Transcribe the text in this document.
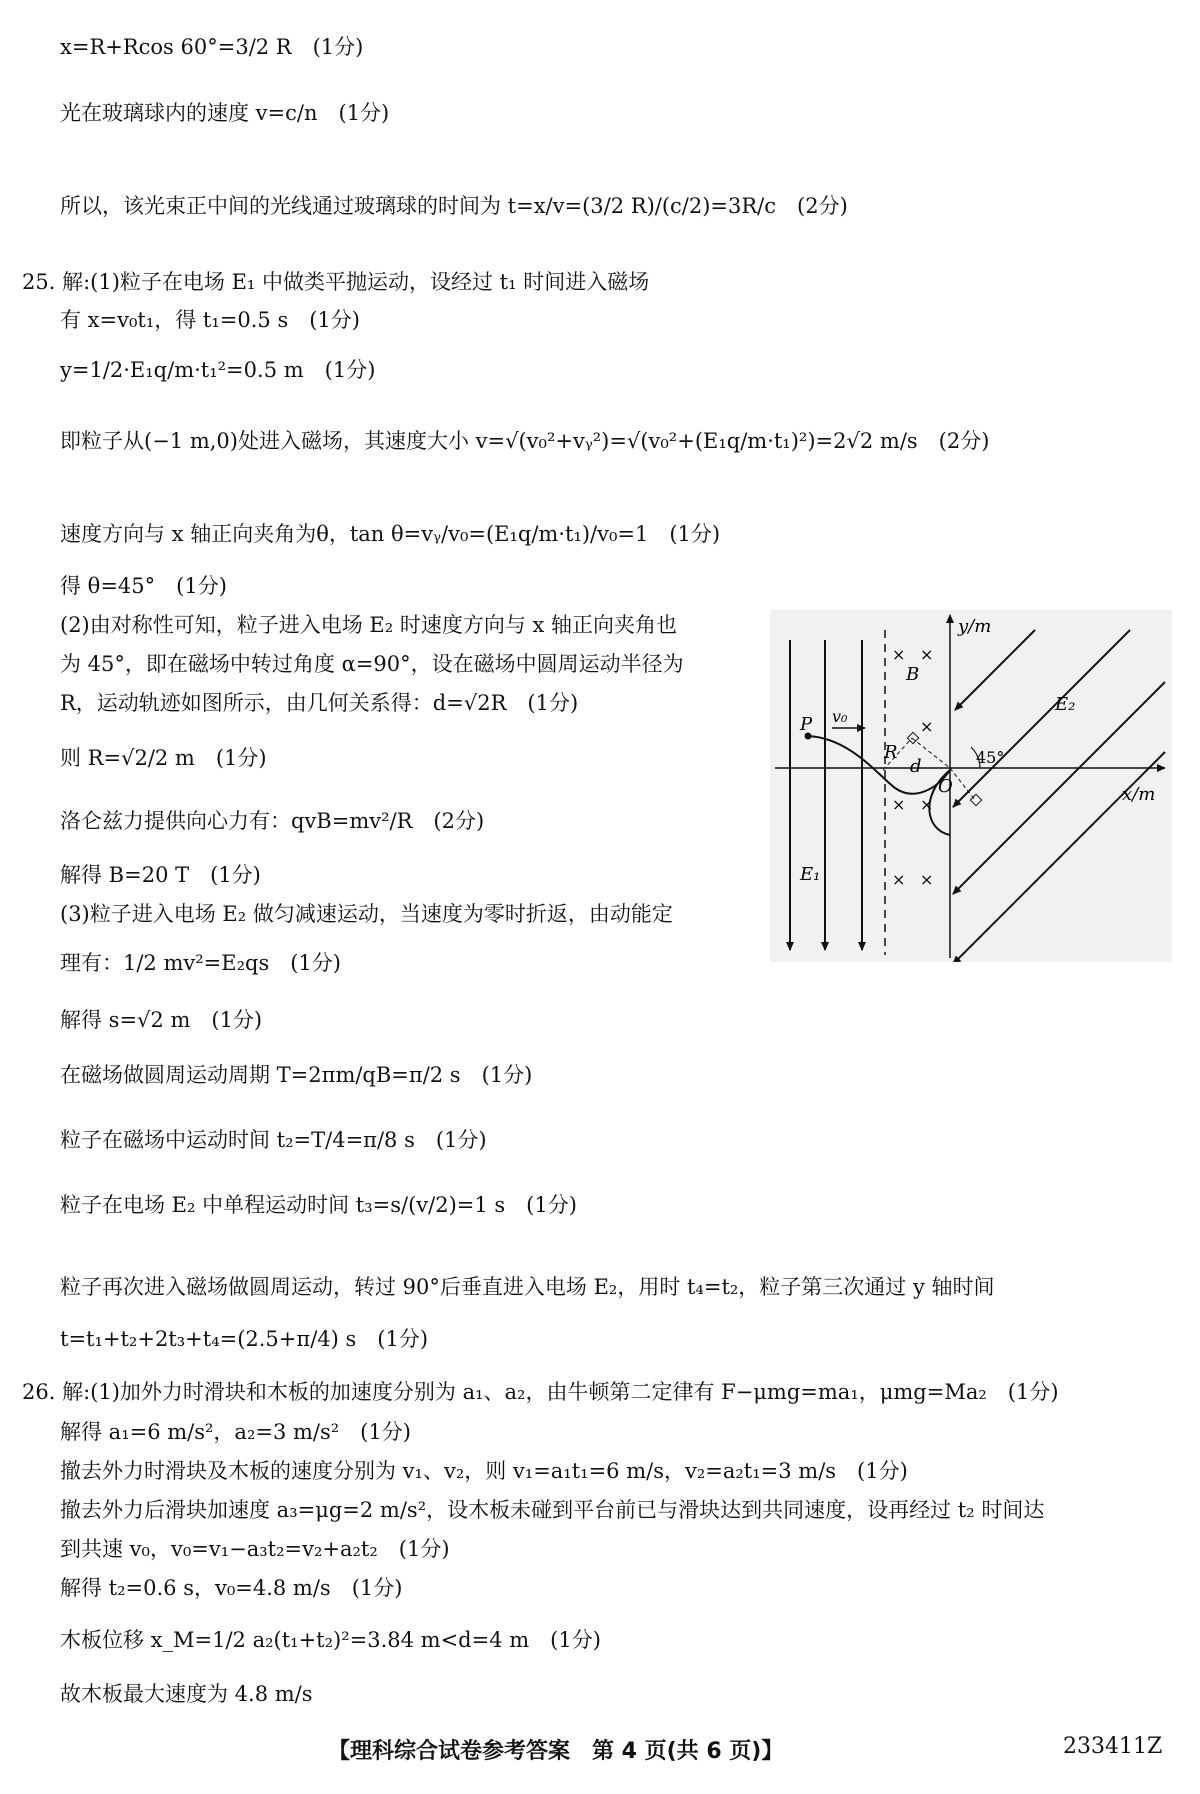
x=R+Rcos 60°=3/2 R　(1分)
光在玻璃球内的速度 v=c/n　(1分)
所以，该光束正中间的光线通过玻璃球的时间为 t=x/v=(3/2 R)/(c/2)=3R/c　(2分)
25. 解:(1)粒子在电场 E₁ 中做类平抛运动，设经过 t₁ 时间进入磁场
有 x=v₀t₁，得 t₁=0.5 s　(1分)
y=1/2·E₁q/m·t₁²=0.5 m　(1分)
即粒子从(−1 m,0)处进入磁场，其速度大小 v=√(v₀²+vᵧ²)=√(v₀²+(E₁q/m·t₁)²)=2√2 m/s　(2分)
速度方向与 x 轴正向夹角为θ，tan θ=vᵧ/v₀=(E₁q/m·t₁)/v₀=1　(1分)
得 θ=45°　(1分)
(2)由对称性可知，粒子进入电场 E₂ 时速度方向与 x 轴正向夹角也
为 45°，即在磁场中转过角度 α=90°，设在磁场中圆周运动半径为
R，运动轨迹如图所示，由几何关系得：d=√2R　(1分)
则 R=√2/2 m　(1分)
洛仑兹力提供向心力有：qvB=mv²/R　(2分)
解得 B=20 T　(1分)
(3)粒子进入电场 E₂ 做匀减速运动，当速度为零时折返，由动能定
理有：1/2 mv²=E₂qs　(1分)
解得 s=√2 m　(1分)
在磁场做圆周运动周期 T=2πm/qB=π/2 s　(1分)
粒子在磁场中运动时间 t₂=T/4=π/8 s　(1分)
粒子在电场 E₂ 中单程运动时间 t₃=s/(v/2)=1 s　(1分)
粒子再次进入磁场做圆周运动，转过 90°后垂直进入电场 E₂，用时 t₄=t₂，粒子第三次通过 y 轴时间
t=t₁+t₂+2t₃+t₄=(2.5+π/4) s　(1分)
26. 解:(1)加外力时滑块和木板的加速度分别为 a₁、a₂，由牛顿第二定律有 F−μmg=ma₁，μmg=Ma₂　(1分)
解得 a₁=6 m/s²，a₂=3 m/s²　(1分)
撤去外力时滑块及木板的速度分别为 v₁、v₂，则 v₁=a₁t₁=6 m/s，v₂=a₂t₁=3 m/s　(1分)
撤去外力后滑块加速度 a₃=μg=2 m/s²，设木板未碰到平台前已与滑块达到共同速度，设再经过 t₂ 时间达
到共速 v₀，v₀=v₁−a₃t₂=v₂+a₂t₂　(1分)
解得 t₂=0.6 s，v₀=4.8 m/s　(1分)
木板位移 x_M=1/2 a₂(t₁+t₂)²=3.84 m<d=4 m　(1分)
故木板最大速度为 4.8 m/s
× ×
×
× ×
× ×
y/m
x/m
B
E₁
E₂
P v₀
R
d
O
45°
【理科综合试卷参考答案　第 4 页(共 6 页)】	233411Z
